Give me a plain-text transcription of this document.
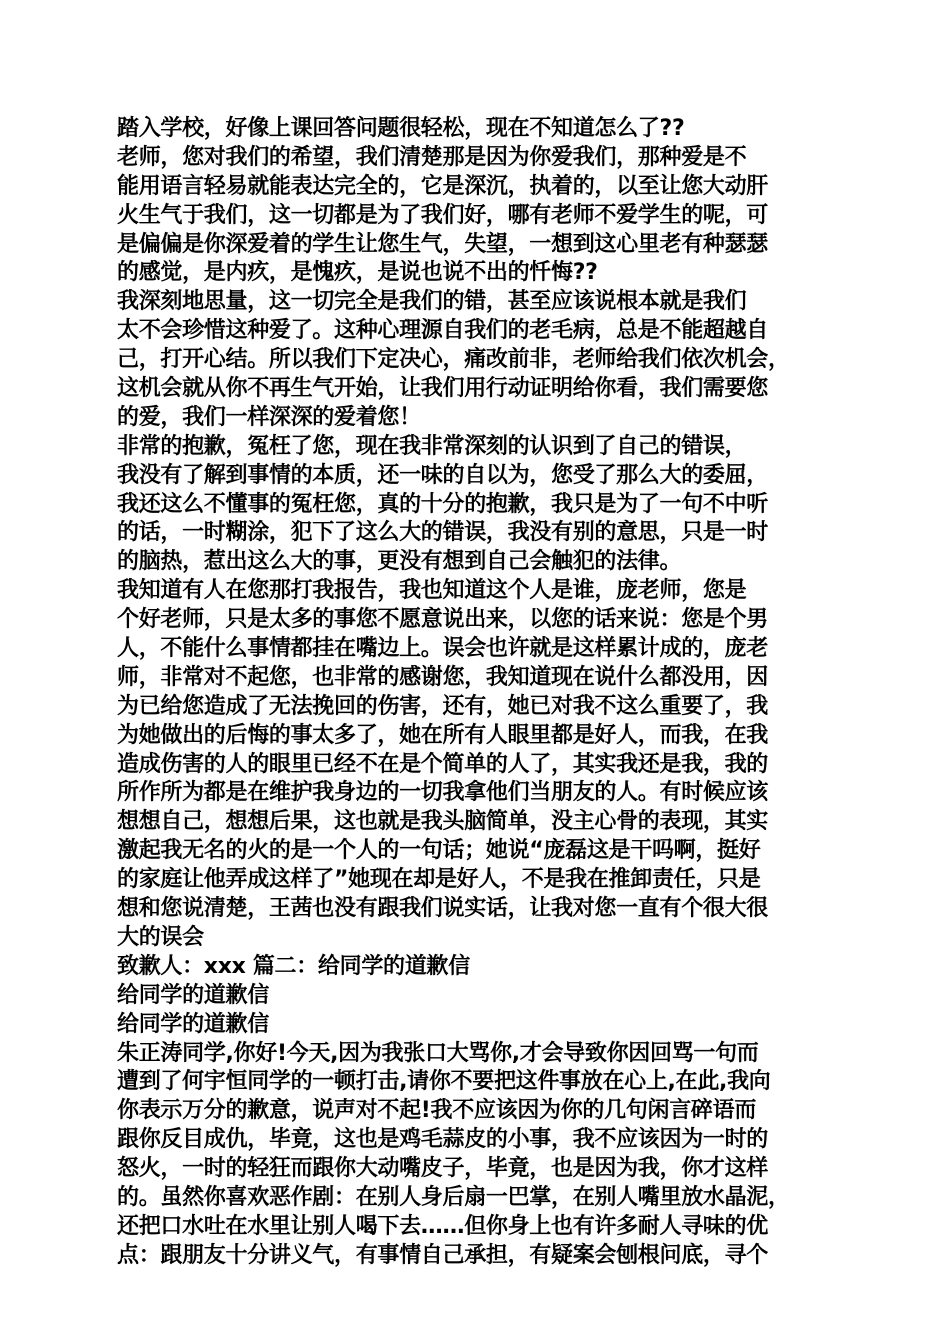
踏入学校，好像上课回答问题很轻松，现在不知道怎么了??
老师，您对我们的希望，我们清楚那是因为你爱我们，那种爱是不
能用语言轻易就能表达完全的，它是深沉，执着的，以至让您大动肝
火生气于我们，这一切都是为了我们好，哪有老师不爱学生的呢，可
是偏偏是你深爱着的学生让您生气，失望，一想到这心里老有种瑟瑟
的感觉，是内疚，是愧疚，是说也说不出的忏悔??
我深刻地思量，这一切完全是我们的错，甚至应该说根本就是我们
太不会珍惜这种爱了。这种心理源自我们的老毛病，总是不能超越自
己，打开心结。所以我们下定决心，痛改前非，老师给我们依次机会，
这机会就从你不再生气开始，让我们用行动证明给你看，我们需要您
的爱，我们一样深深的爱着您！
非常的抱歉，冤枉了您，现在我非常深刻的认识到了自己的错误，
我没有了解到事情的本质，还一味的自以为，您受了那么大的委屈，
我还这么不懂事的冤枉您，真的十分的抱歉，我只是为了一句不中听
的话，一时糊涂，犯下了这么大的错误，我没有别的意思，只是一时
的脑热，惹出这么大的事，更没有想到自己会触犯的法律。
我知道有人在您那打我报告，我也知道这个人是谁，庞老师，您是
个好老师，只是太多的事您不愿意说出来，以您的话来说：您是个男
人，不能什么事情都挂在嘴边上。误会也许就是这样累计成的，庞老
师，非常对不起您，也非常的感谢您，我知道现在说什么都没用，因
为已给您造成了无法挽回的伤害，还有，她已对我不这么重要了，我
为她做出的后悔的事太多了，她在所有人眼里都是好人，而我，在我
造成伤害的人的眼里已经不在是个简单的人了，其实我还是我，我的
所作所为都是在维护我身边的一切我拿他们当朋友的人。有时候应该
想想自己，想想后果，这也就是我头脑简单，没主心骨的表现，其实
激起我无名的火的是一个人的一句话；她说“庞磊这是干吗啊，挺好
的家庭让他弄成这样了”她现在却是好人，不是我在推卸责任，只是
想和您说清楚，王茜也没有跟我们说实话，让我对您一直有个很大很
大的误会
致歉人：xxx 篇二：给同学的道歉信
给同学的道歉信
给同学的道歉信
朱正涛同学,你好!今天,因为我张口大骂你,才会导致你因回骂一句而
遭到了何宇恒同学的一顿打击,请你不要把这件事放在心上,在此,我向
你表示万分的歉意，说声对不起!我不应该因为你的几句闲言碎语而
跟你反目成仇，毕竟，这也是鸡毛蒜皮的小事，我不应该因为一时的
怒火，一时的轻狂而跟你大动嘴皮子，毕竟，也是因为我，你才这样
的。虽然你喜欢恶作剧：在别人身后扇一巴掌，在别人嘴里放水晶泥，
还把口水吐在水里让别人喝下去……但你身上也有许多耐人寻味的优
点：跟朋友十分讲义气，有事情自己承担，有疑案会刨根问底，寻个
